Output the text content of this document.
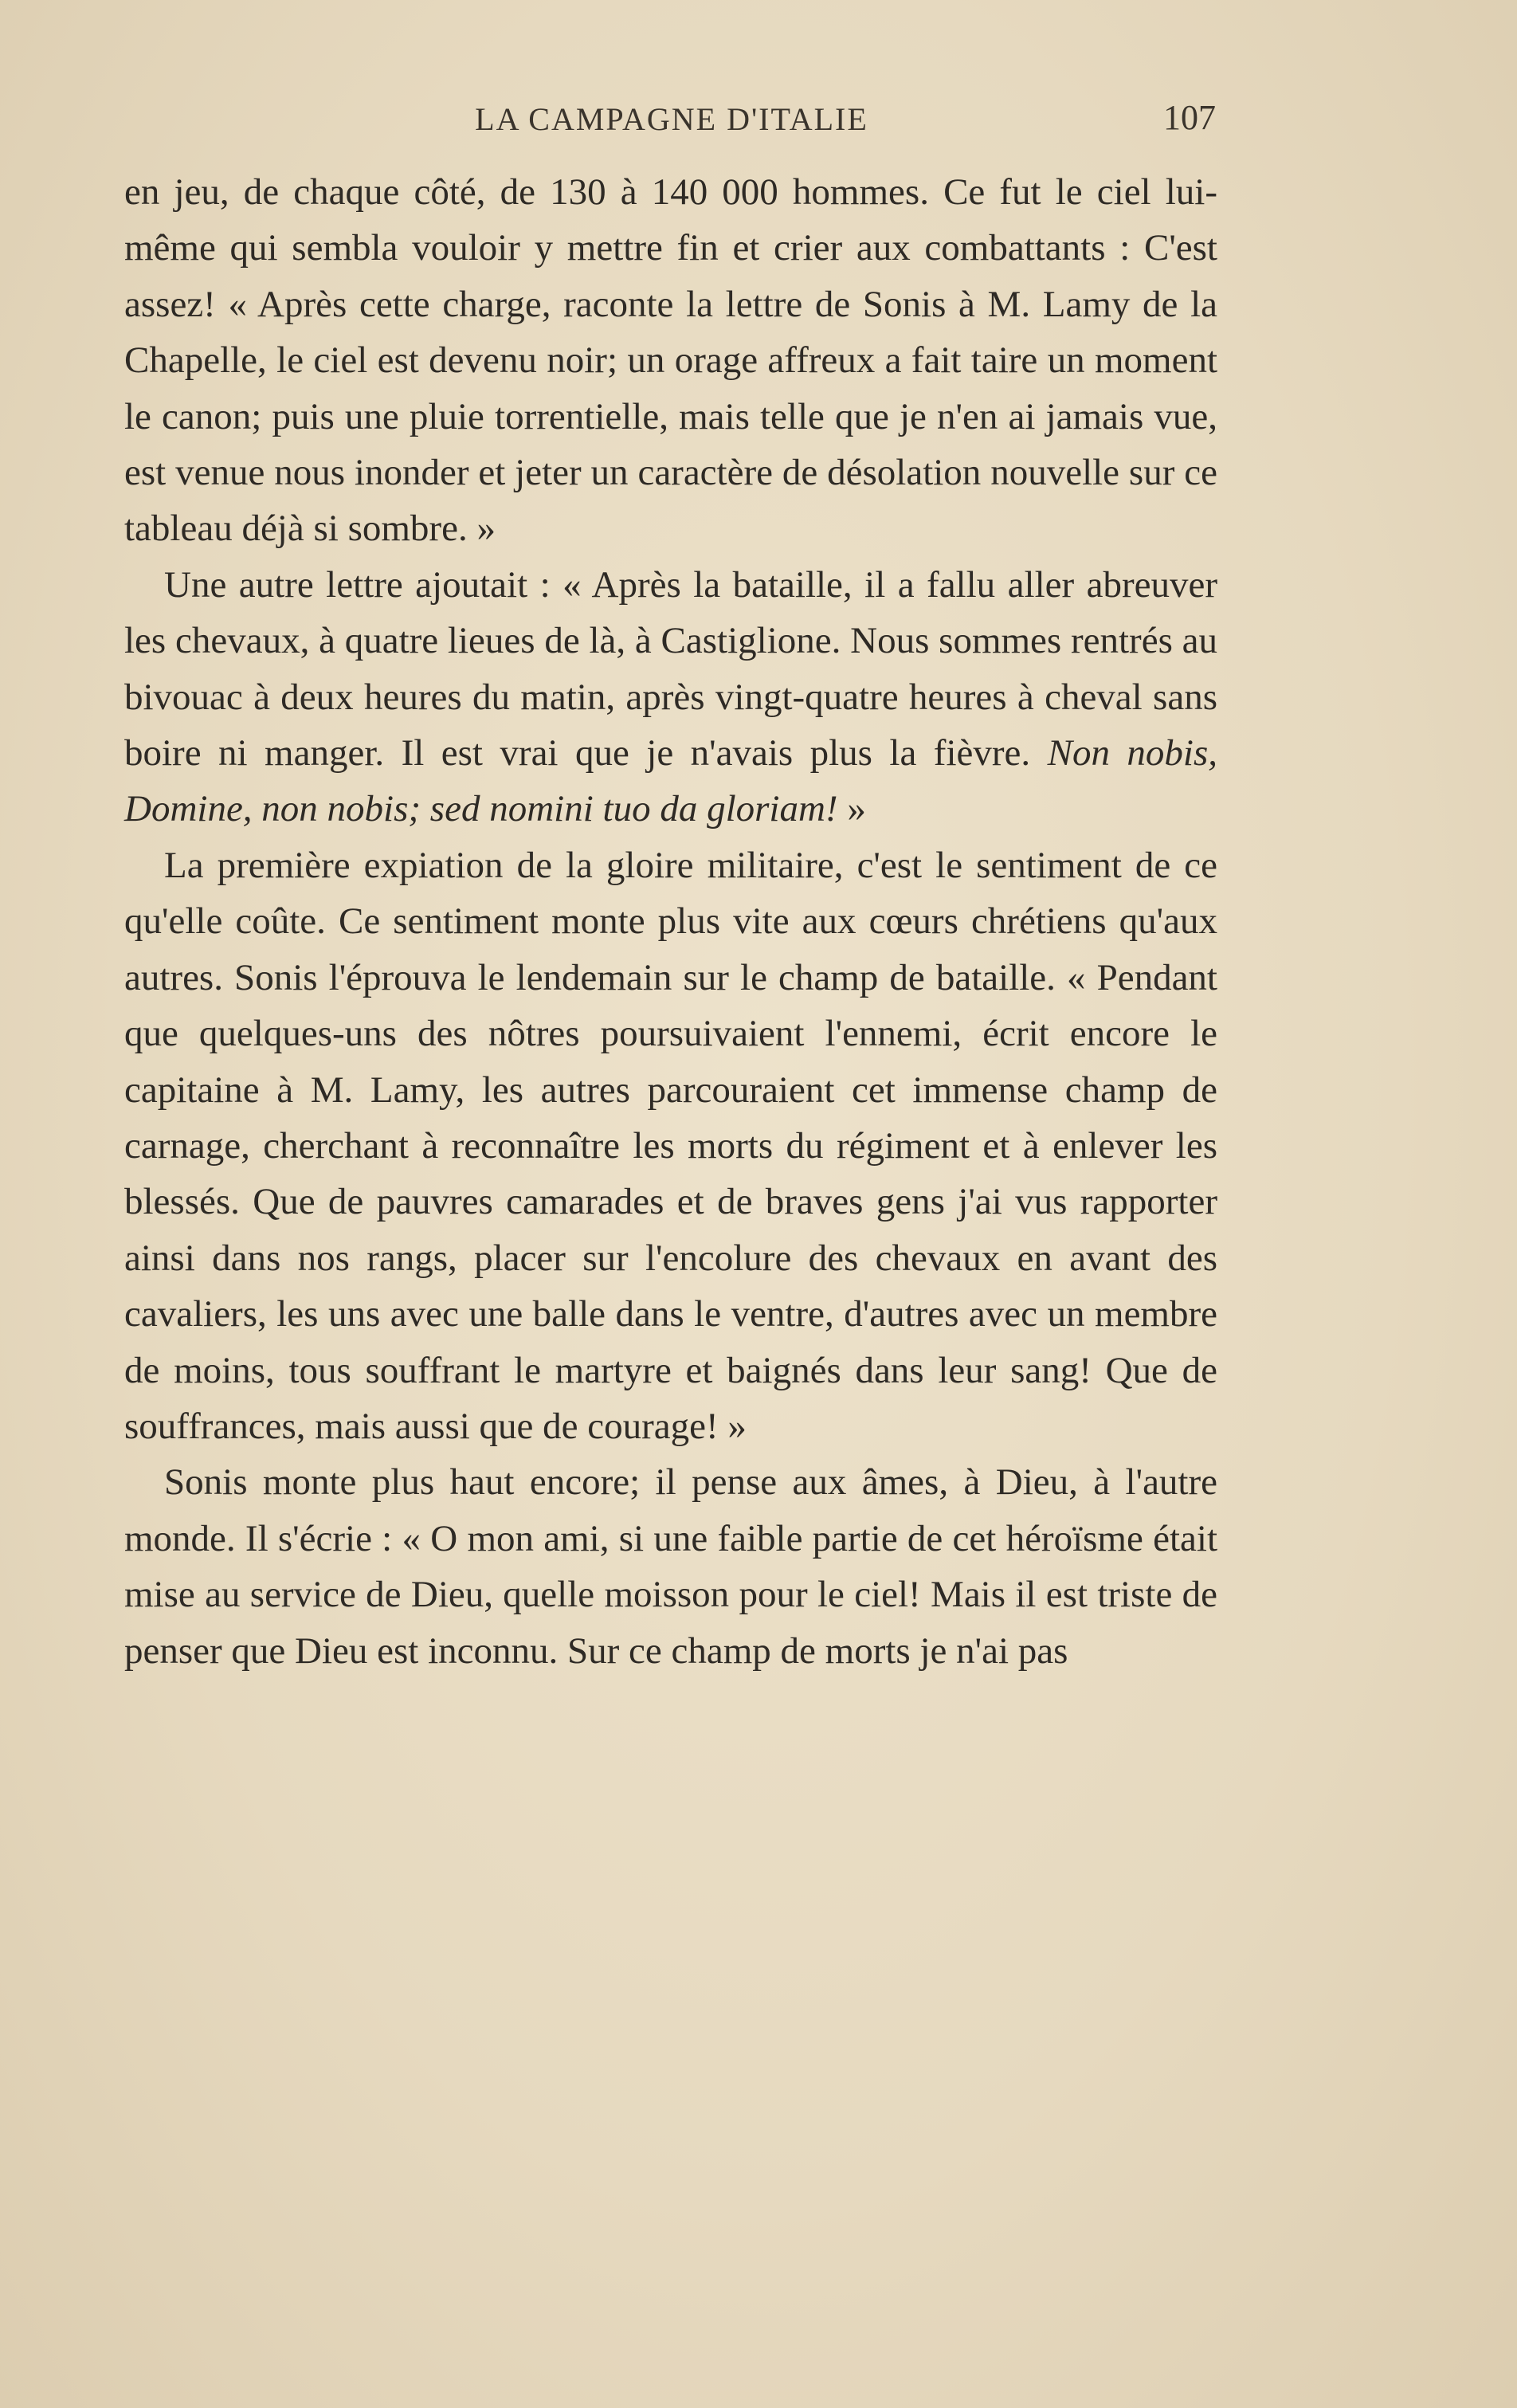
LA CAMPAGNE D'ITALIE	107

en jeu, de chaque côté, de 130 à 140 000 hommes. Ce fut le ciel lui-même qui sembla vouloir y mettre fin et crier aux combattants : C'est assez! « Après cette charge, raconte la lettre de Sonis à M. Lamy de la Chapelle, le ciel est devenu noir; un orage affreux a fait taire un moment le canon; puis une pluie torrentielle, mais telle que je n'en ai jamais vue, est venue nous inonder et jeter un caractère de désolation nouvelle sur ce tableau déjà si sombre. »

Une autre lettre ajoutait : « Après la bataille, il a fallu aller abreuver les chevaux, à quatre lieues de là, à Castiglione. Nous sommes rentrés au bivouac à deux heures du matin, après vingt-quatre heures à cheval sans boire ni manger. Il est vrai que je n'avais plus la fièvre. Non nobis, Domine, non nobis; sed nomini tuo da gloriam! »

La première expiation de la gloire militaire, c'est le sentiment de ce qu'elle coûte. Ce sentiment monte plus vite aux cœurs chrétiens qu'aux autres. Sonis l'éprouva le lendemain sur le champ de bataille. « Pendant que quelques-uns des nôtres poursuivaient l'ennemi, écrit encore le capitaine à M. Lamy, les autres parcouraient cet immense champ de carnage, cherchant à reconnaître les morts du régiment et à enlever les blessés. Que de pauvres camarades et de braves gens j'ai vus rapporter ainsi dans nos rangs, placer sur l'encolure des chevaux en avant des cavaliers, les uns avec une balle dans le ventre, d'autres avec un membre de moins, tous souffrant le martyre et baignés dans leur sang! Que de souffrances, mais aussi que de courage! »

Sonis monte plus haut encore; il pense aux âmes, à Dieu, à l'autre monde. Il s'écrie : « O mon ami, si une faible partie de cet héroïsme était mise au service de Dieu, quelle moisson pour le ciel! Mais il est triste de penser que Dieu est inconnu. Sur ce champ de morts je n'ai pas
